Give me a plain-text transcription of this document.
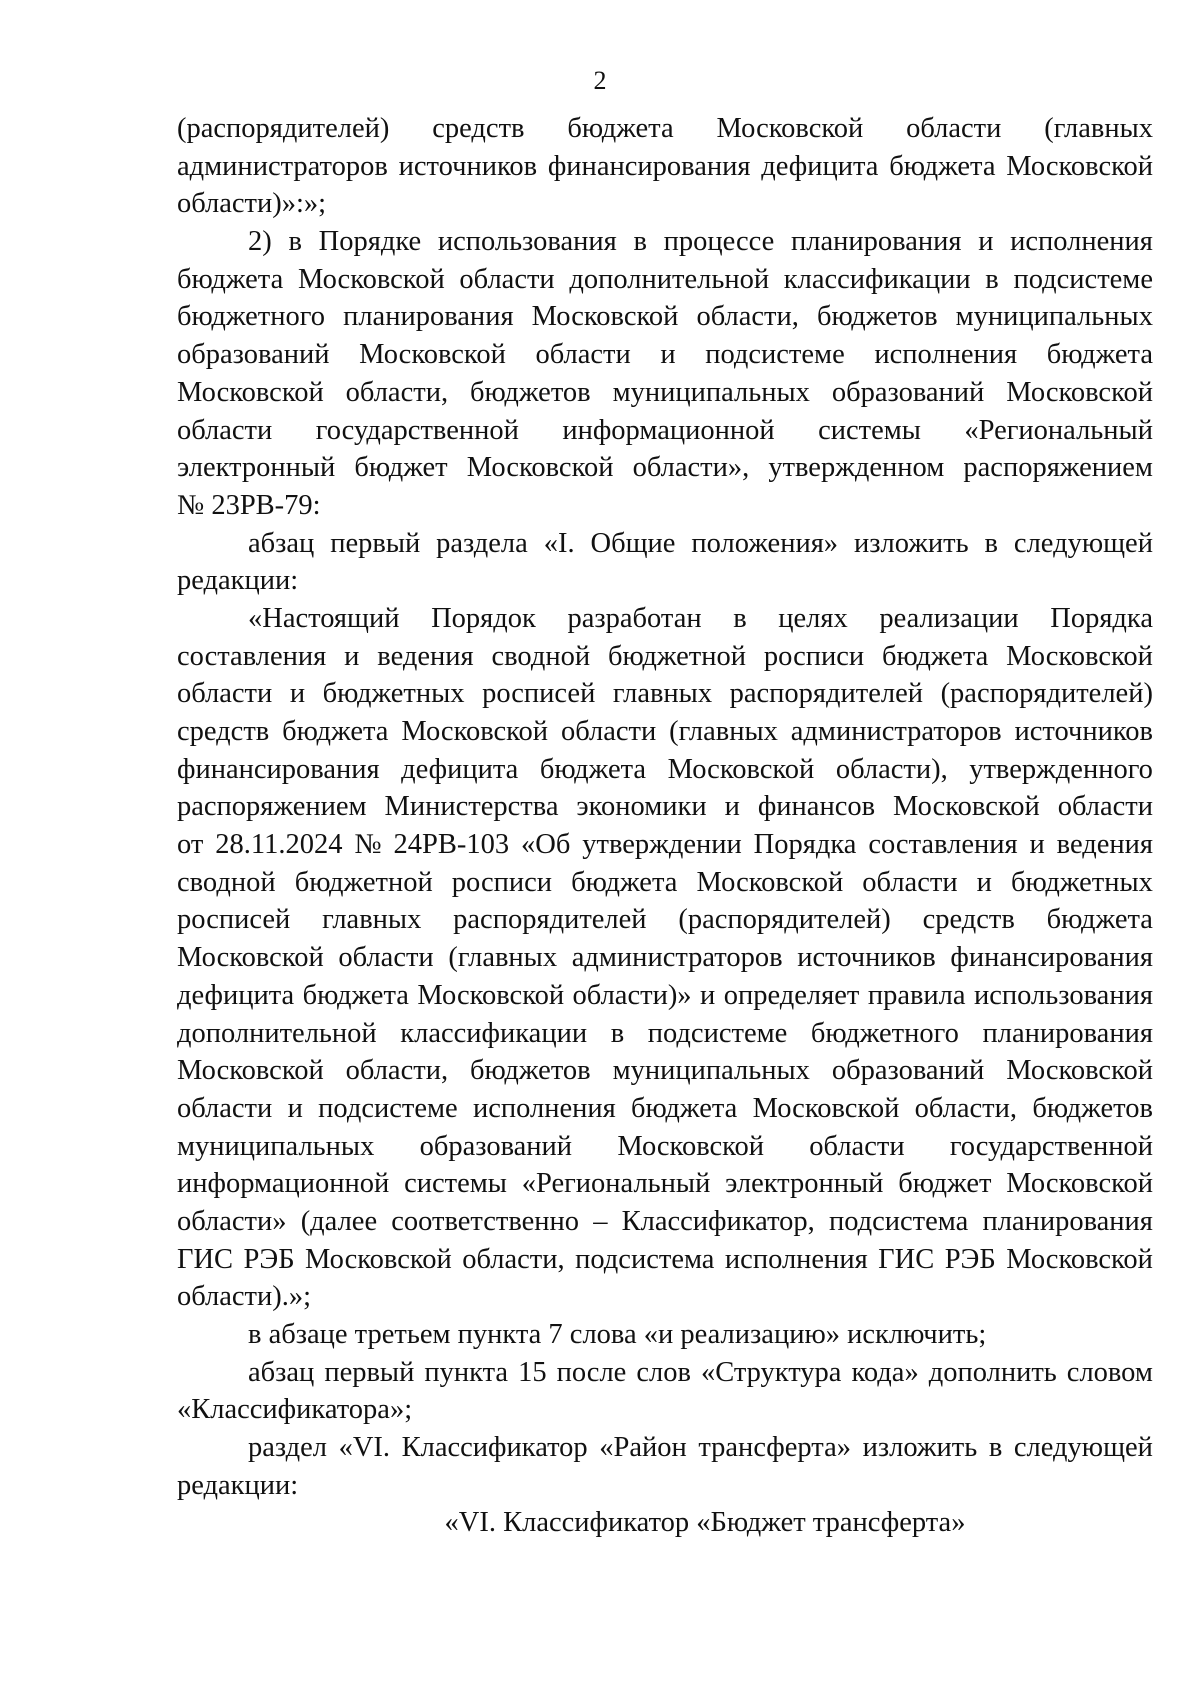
2
(распорядителей) средств бюджета Московской области (главных
администраторов источников финансирования дефицита бюджета Московской
области)»:»;
2) в Порядке использования в процессе планирования и исполнения
бюджета Московской области дополнительной классификации в подсистеме
бюджетного планирования Московской области, бюджетов муниципальных
образований Московской области и подсистеме исполнения бюджета
Московской области, бюджетов муниципальных образований Московской
области государственной информационной системы «Региональный
электронный бюджет Московской области», утвержденном распоряжением
№ 23РВ-79:
абзац первый раздела «I. Общие положения» изложить в следующей
редакции:
«Настоящий Порядок разработан в целях реализации Порядка
составления и ведения сводной бюджетной росписи бюджета Московской
области и бюджетных росписей главных распорядителей (распорядителей)
средств бюджета Московской области (главных администраторов источников
финансирования дефицита бюджета Московской области), утвержденного
распоряжением Министерства экономики и финансов Московской области
от 28.11.2024 № 24РВ-103 «Об утверждении Порядка составления и ведения
сводной бюджетной росписи бюджета Московской области и бюджетных
росписей главных распорядителей (распорядителей) средств бюджета
Московской области (главных администраторов источников финансирования
дефицита бюджета Московской области)» и определяет правила использования
дополнительной классификации в подсистеме бюджетного планирования
Московской области, бюджетов муниципальных образований Московской
области и подсистеме исполнения бюджета Московской области, бюджетов
муниципальных образований Московской области государственной
информационной системы «Региональный электронный бюджет Московской
области» (далее соответственно – Классификатор, подсистема планирования
ГИС РЭБ Московской области, подсистема исполнения ГИС РЭБ Московской
области).»;
в абзаце третьем пункта 7 слова «и реализацию» исключить;
абзац первый пункта 15 после слов «Структура кода» дополнить словом
«Классификатора»;
раздел «VI. Классификатор «Район трансферта» изложить в следующей
редакции:
«VI. Классификатор «Бюджет трансферта»
